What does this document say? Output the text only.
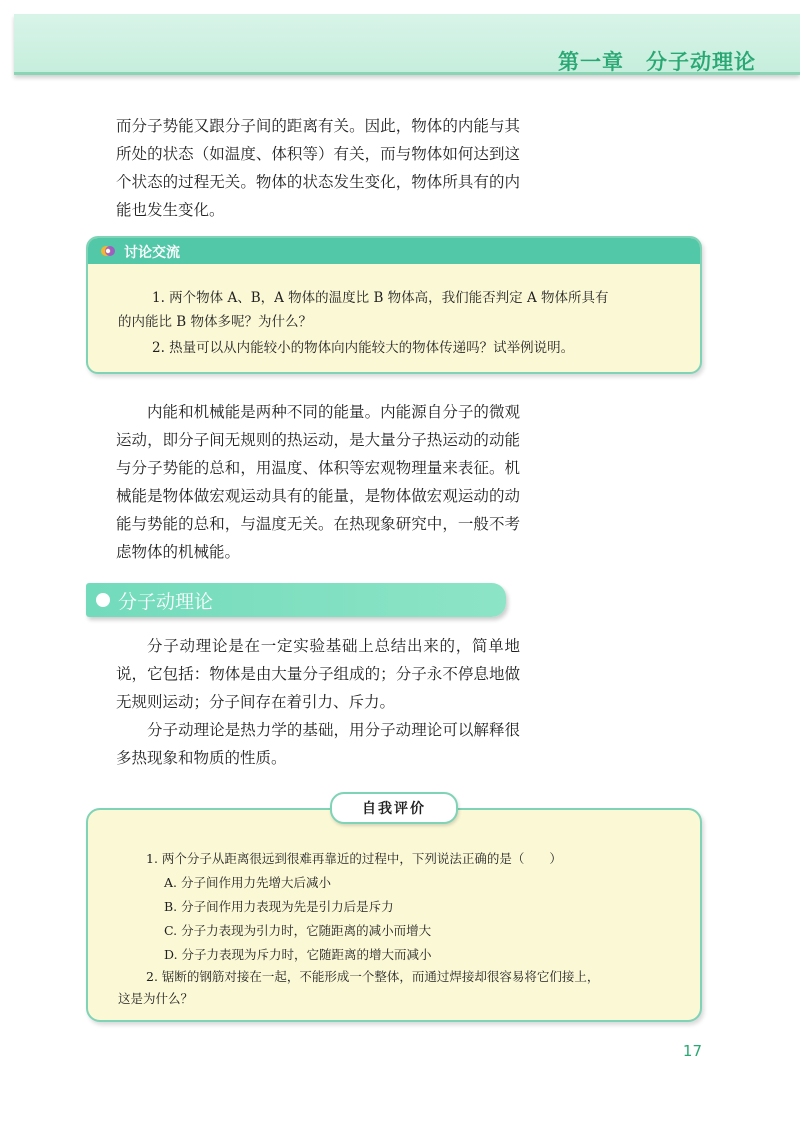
第一章　分子动理论

而分子势能又跟分子间的距离有关。因此，物体的内能与其所处的状态（如温度、体积等）有关，而与物体如何达到这个状态的过程无关。物体的状态发生变化，物体所具有的内能也发生变化。

讨论交流

1. 两个物体 A、B，A 物体的温度比 B 物体高，我们能否判定 A 物体所具有

的内能比 B 物体多呢？为什么？

2. 热量可以从内能较小的物体向内能较大的物体传递吗？试举例说明。

内能和机械能是两种不同的能量。内能源自分子的微观运动，即分子间无规则的热运动，是大量分子热运动的动能与分子势能的总和，用温度、体积等宏观物理量来表征。机械能是物体做宏观运动具有的能量，是物体做宏观运动的动能与势能的总和，与温度无关。在热现象研究中，一般不考虑物体的机械能。

分子动理论

分子动理论是在一定实验基础上总结出来的，简单地说，它包括：物体是由大量分子组成的；分子永不停息地做无规则运动；分子间存在着引力、斥力。

分子动理论是热力学的基础，用分子动理论可以解释很多热现象和物质的性质。

1. 两个分子从距离很远到很难再靠近的过程中，下列说法正确的是（　　）

A. 分子间作用力先增大后减小

B. 分子间作用力表现为先是引力后是斥力

C. 分子力表现为引力时，它随距离的减小而增大

D. 分子力表现为斥力时，它随距离的增大而减小

2. 锯断的钢筋对接在一起，不能形成一个整体，而通过焊接却很容易将它们接上，

这是为什么？

自我评价
17
